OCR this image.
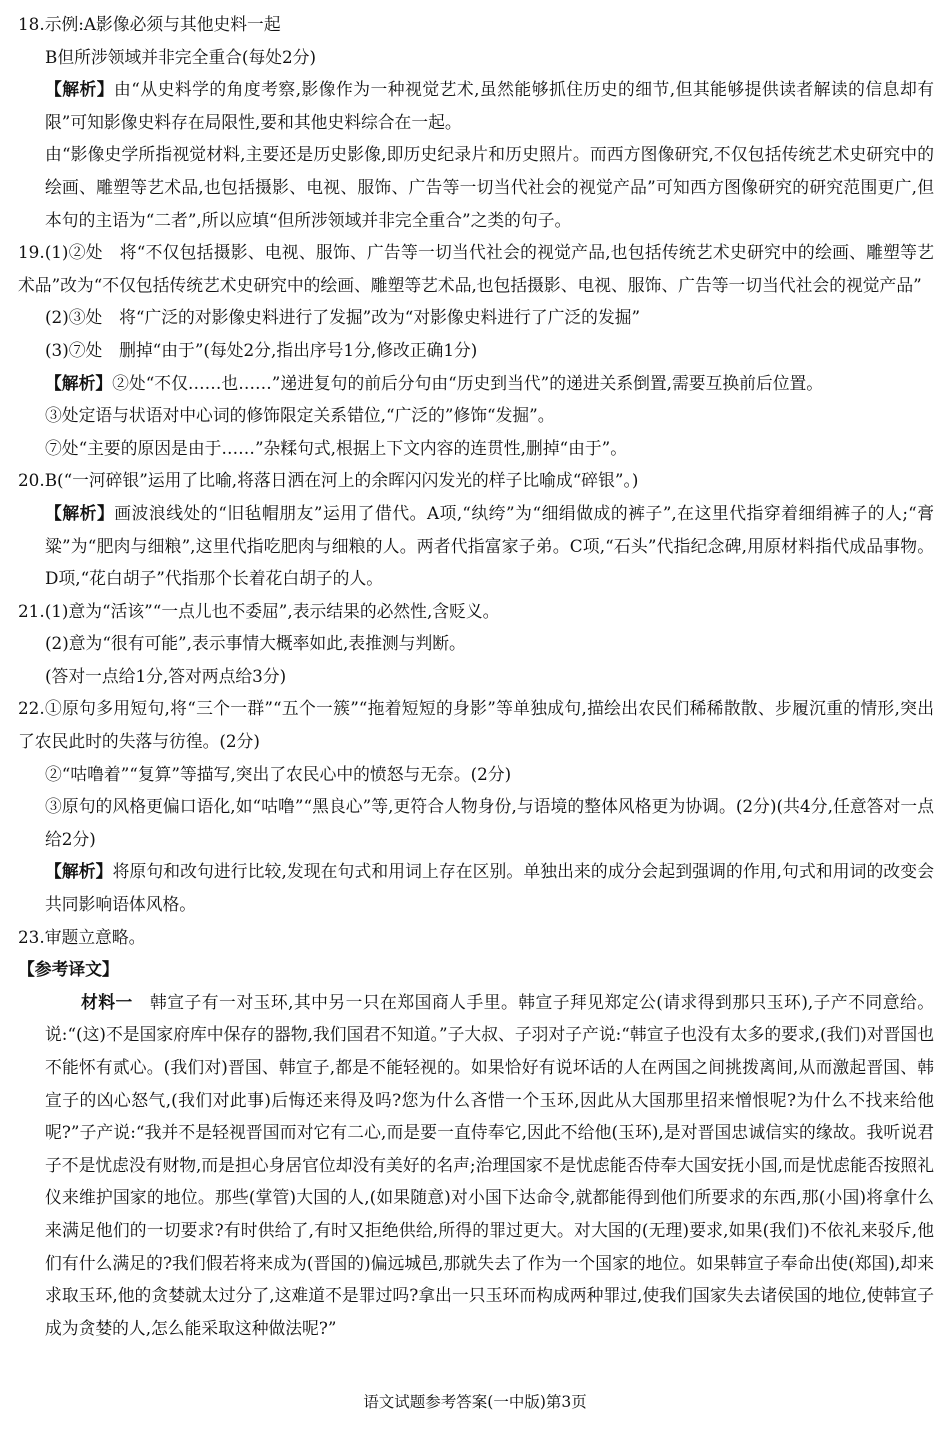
18.示例:A影像必须与其他史料一起

B但所涉领域并非完全重合(每处2分)

【解析】由“从史料学的角度考察,影像作为一种视觉艺术,虽然能够抓住历史的细节,但其能够提供读者解读的信息却有限”可知影像史料存在局限性,要和其他史料综合在一起。

由“影像史学所指视觉材料,主要还是历史影像,即历史纪录片和历史照片。而西方图像研究,不仅包括传统艺术史研究中的绘画、雕塑等艺术品,也包括摄影、电视、服饰、广告等一切当代社会的视觉产品”可知西方图像研究的研究范围更广,但本句的主语为“二者”,所以应填“但所涉领域并非完全重合”之类的句子。

19.(1)②处　将“不仅包括摄影、电视、服饰、广告等一切当代社会的视觉产品,也包括传统艺术史研究中的绘画、雕塑等艺术品”改为“不仅包括传统艺术史研究中的绘画、雕塑等艺术品,也包括摄影、电视、服饰、广告等一切当代社会的视觉产品”

(2)③处　将“广泛的对影像史料进行了发掘”改为“对影像史料进行了广泛的发掘”

(3)⑦处　删掉“由于”(每处2分,指出序号1分,修改正确1分)

【解析】②处“不仅……也……”递进复句的前后分句由“历史到当代”的递进关系倒置,需要互换前后位置。

③处定语与状语对中心词的修饰限定关系错位,“广泛的”修饰“发掘”。

⑦处“主要的原因是由于……”杂糅句式,根据上下文内容的连贯性,删掉“由于”。

20.B(“一河碎银”运用了比喻,将落日洒在河上的余晖闪闪发光的样子比喻成“碎银”。)

【解析】画波浪线处的“旧毡帽朋友”运用了借代。A项,“纨绔”为“细绢做成的裤子”,在这里代指穿着细绢裤子的人;“膏粱”为“肥肉与细粮”,这里代指吃肥肉与细粮的人。两者代指富家子弟。C项,“石头”代指纪念碑,用原材料指代成品事物。D项,“花白胡子”代指那个长着花白胡子的人。

21.(1)意为“活该”“一点儿也不委屈”,表示结果的必然性,含贬义。

(2)意为“很有可能”,表示事情大概率如此,表推测与判断。

(答对一点给1分,答对两点给3分)

22.①原句多用短句,将“三个一群”“五个一簇”“拖着短短的身影”等单独成句,描绘出农民们稀稀散散、步履沉重的情形,突出了农民此时的失落与彷徨。(2分)

②“咕噜着”“复算”等描写,突出了农民心中的愤怒与无奈。(2分)

③原句的风格更偏口语化,如“咕噜”“黑良心”等,更符合人物身份,与语境的整体风格更为协调。(2分)(共4分,任意答对一点给2分)

【解析】将原句和改句进行比较,发现在句式和用词上存在区别。单独出来的成分会起到强调的作用,句式和用词的改变会共同影响语体风格。

23.审题立意略。

【参考译文】

材料一　韩宣子有一对玉环,其中另一只在郑国商人手里。韩宣子拜见郑定公(请求得到那只玉环),子产不同意给。说:“(这)不是国家府库中保存的器物,我们国君不知道。”子大叔、子羽对子产说:“韩宣子也没有太多的要求,(我们)对晋国也不能怀有贰心。(我们对)晋国、韩宣子,都是不能轻视的。如果恰好有说坏话的人在两国之间挑拨离间,从而激起晋国、韩宣子的凶心怒气,(我们对此事)后悔还来得及吗?您为什么吝惜一个玉环,因此从大国那里招来憎恨呢?为什么不找来给他呢?”子产说:“我并不是轻视晋国而对它有二心,而是要一直侍奉它,因此不给他(玉环),是对晋国忠诚信实的缘故。我听说君子不是忧虑没有财物,而是担心身居官位却没有美好的名声;治理国家不是忧虑能否侍奉大国安抚小国,而是忧虑能否按照礼仪来维护国家的地位。那些(掌管)大国的人,(如果随意)对小国下达命令,就都能得到他们所要求的东西,那(小国)将拿什么来满足他们的一切要求?有时供给了,有时又拒绝供给,所得的罪过更大。对大国的(无理)要求,如果(我们)不依礼来驳斥,他们有什么满足的?我们假若将来成为(晋国的)偏远城邑,那就失去了作为一个国家的地位。如果韩宣子奉命出使(郑国),却来求取玉环,他的贪婪就太过分了,这难道不是罪过吗?拿出一只玉环而构成两种罪过,使我们国家失去诸侯国的地位,使韩宣子成为贪婪的人,怎么能采取这种做法呢?”

语文试题参考答案(一中版)第3页
